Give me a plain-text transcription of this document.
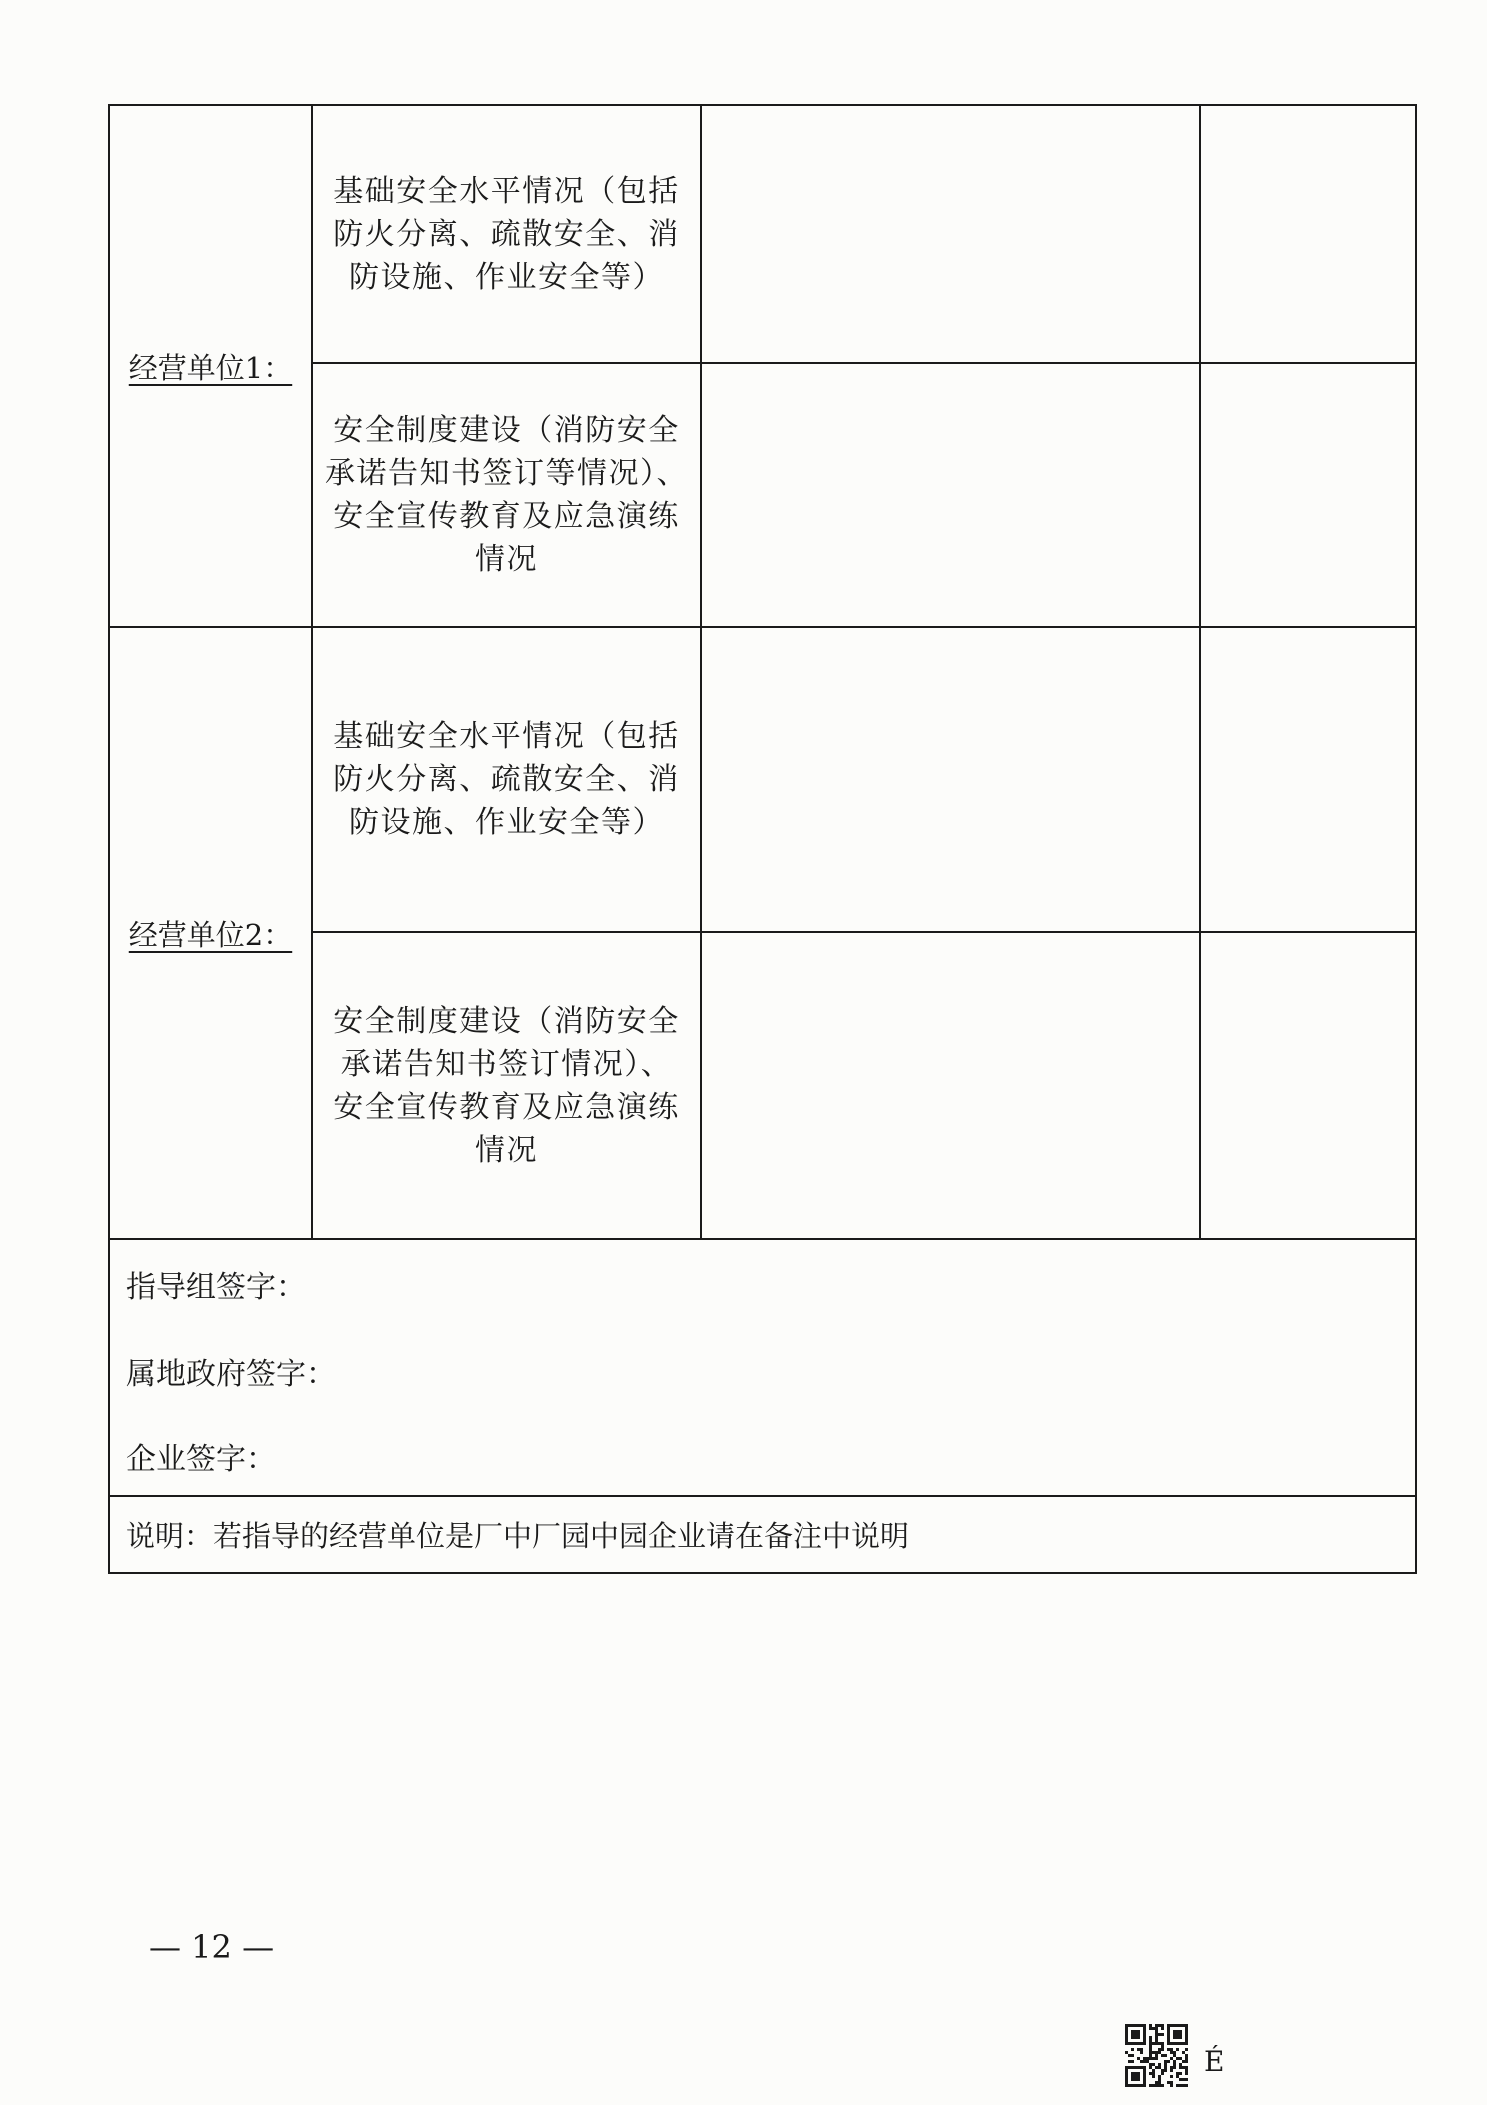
经营单位1：	基础安全水平情况（包括
防火分离、疏散安全、消
防设施、作业安全等）		

	安全制度建设（消防安全
承诺告知书签订等情况）、
安全宣传教育及应急演练
情况		

经营单位2：	基础安全水平情况（包括
防火分离、疏散安全、消
防设施、作业安全等）		

	安全制度建设（消防安全
承诺告知书签订情况）、
安全宣传教育及应急演练
情况		

指导组签字：
属地政府签字：
企业签字：			

说明：若指导的经营单位是厂中厂园中园企业请在备注中说明			
— 12 —
É
